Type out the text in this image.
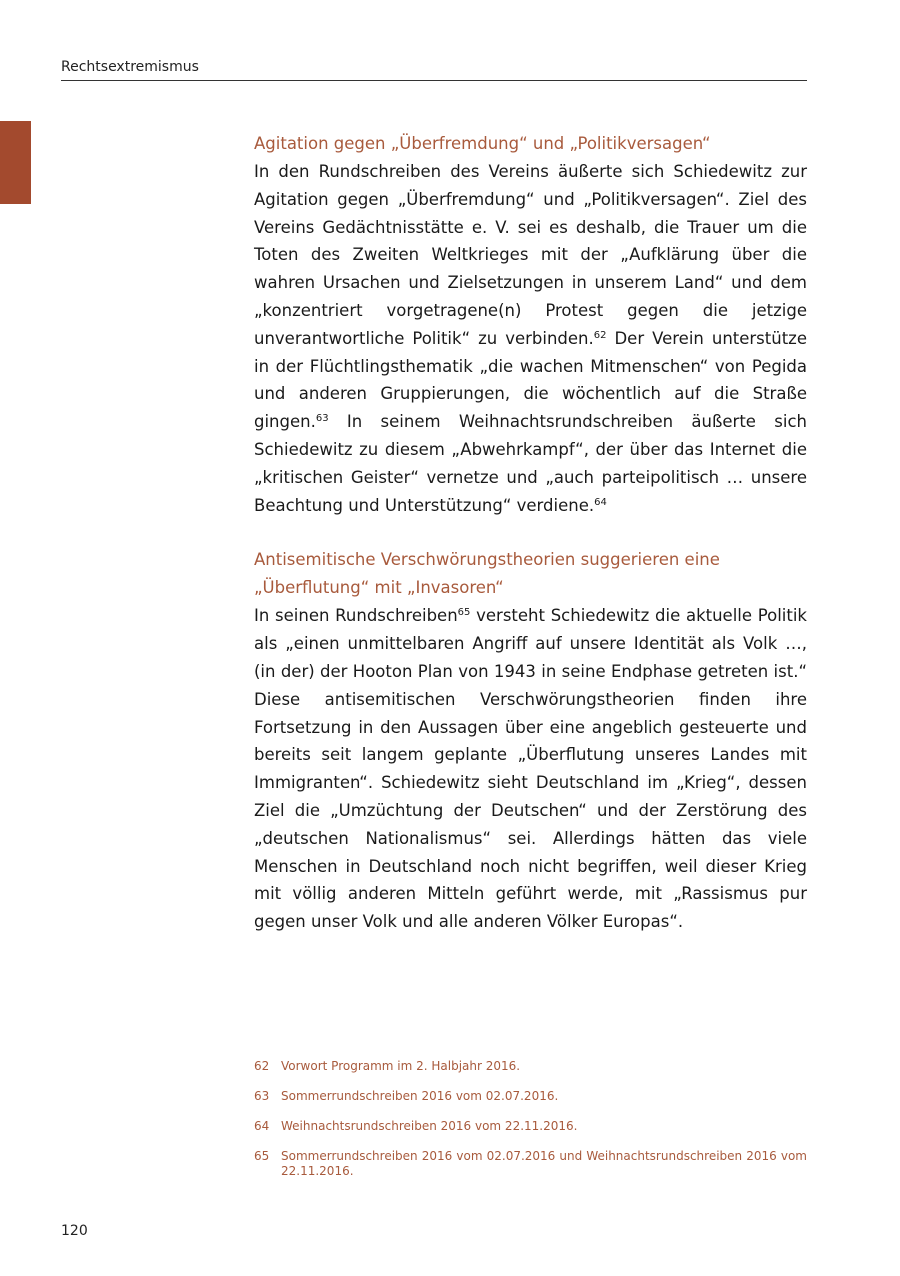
Rechtsextremismus
Agitation gegen „Überfremdung“ und „Politikversagen“

In den Rundschreiben des Vereins äußerte sich Schiedewitz zur Agitation gegen „Überfremdung“ und „Politikversagen“. Ziel des Vereins Gedächtnisstätte e. V. sei es deshalb, die Trauer um die Toten des Zweiten Weltkrieges mit der „Aufklärung über die wahren Ursachen und Zielsetzungen in unserem Land“ und dem „konzentriert vorgetragene(n) Protest gegen die jetzige unverantwortliche Politik“ zu verbinden.$^{62}$ Der Verein unterstütze in der Flüchtlingsthematik „die wachen Mitmenschen“ von Pegida und anderen Gruppierungen, die wöchentlich auf die Straße gingen.$^{63}$ In seinem Weihnachtsrundschreiben äußerte sich Schiedewitz zu diesem „Abwehrkampf“, der über das Internet die „kritischen Geister“ vernetze und „auch parteipolitisch … unsere Beachtung und Unterstützung“ verdiene.$^{64}$

Antisemitische Verschwörungstheorien suggerieren eine
„Überflutung“ mit „Invasoren“

In seinen Rundschreiben$^{65}$ versteht Schiedewitz die aktuelle Politik als „einen unmittelbaren Angriff auf unsere Identität als Volk …, (in der) der Hooton Plan von 1943 in seine Endphase getreten ist.“ Diese antisemitischen Verschwörungstheorien finden ihre Fortsetzung in den Aussagen über eine angeblich gesteuerte und bereits seit langem geplante „Überflutung unseres Landes mit Immigranten“. Schiedewitz sieht Deutschland im „Krieg“, dessen Ziel die „Umzüchtung der Deutschen“ und der Zerstörung des „deutschen Nationalismus“ sei. Allerdings hätten das viele Menschen in Deutschland noch nicht begriffen, weil dieser Krieg mit völlig anderen Mitteln geführt werde, mit „Rassismus pur gegen unser Volk und alle anderen Völker Europas“.

62 Vorwort Programm im 2. Halbjahr 2016.
63 Sommerrundschreiben 2016 vom 02.07.2016.
64 Weihnachtsrundschreiben 2016 vom 22.11.2016.
65 Sommerrundschreiben 2016 vom 02.07.2016 und Weihnachtsrundschreiben 2016 vom 22.11.2016.
120
